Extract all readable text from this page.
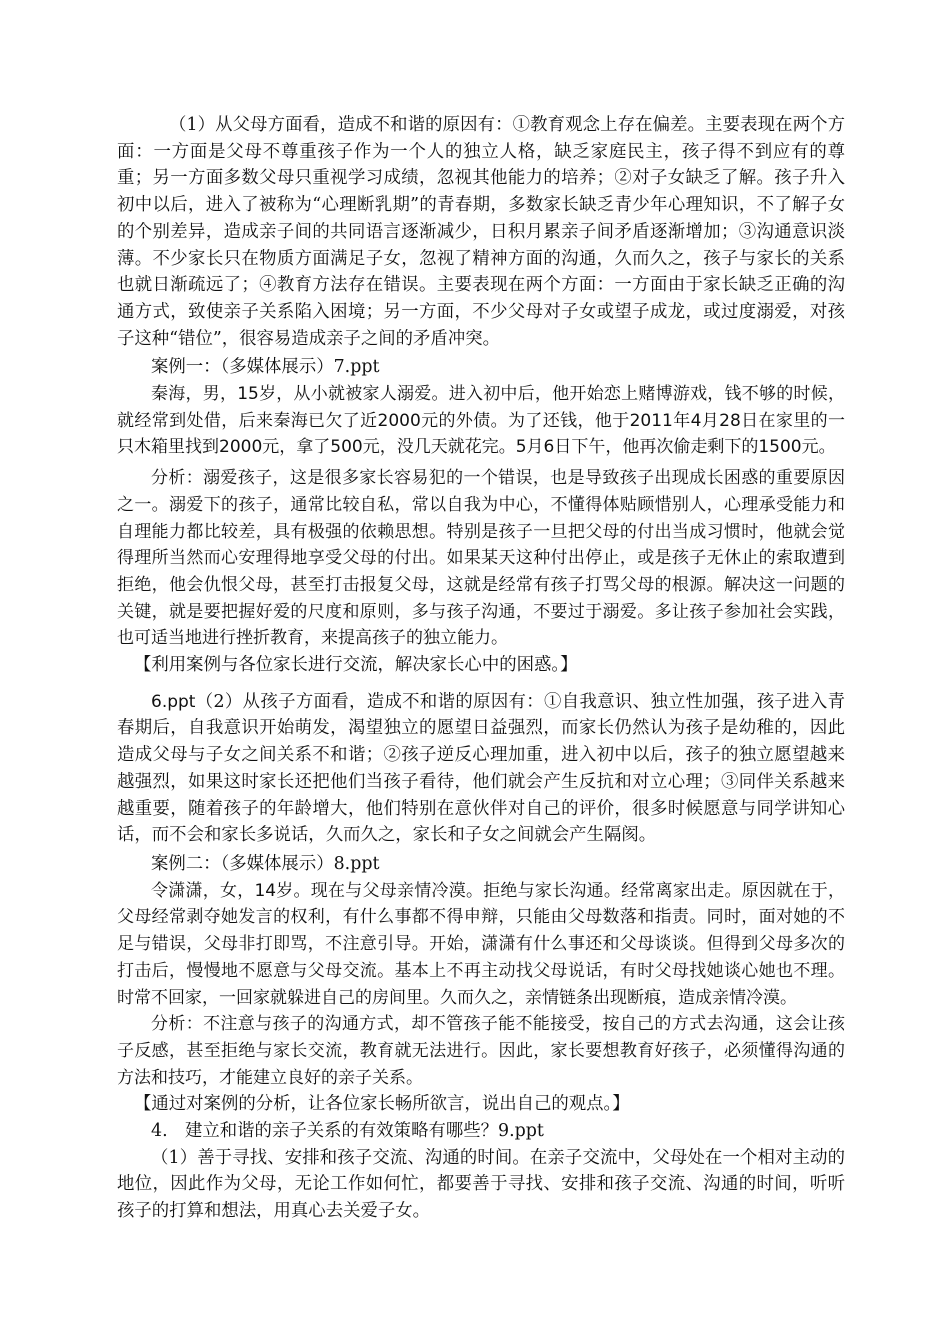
（1）从父母方面看，造成不和谐的原因有：①教育观念上存在偏差。主要表现在两个方面：一方面是父母不尊重孩子作为一个人的独立人格，缺乏家庭民主，孩子得不到应有的尊重；另一方面多数父母只重视学习成绩，忽视其他能力的培养；②对子女缺乏了解。孩子升入初中以后，进入了被称为“心理断乳期”的青春期，多数家长缺乏青少年心理知识，不了解子女的个别差异，造成亲子间的共同语言逐渐减少，日积月累亲子间矛盾逐渐增加；③沟通意识淡薄。不少家长只在物质方面满足子女，忽视了精神方面的沟通，久而久之，孩子与家长的关系也就日渐疏远了；④教育方法存在错误。主要表现在两个方面：一方面由于家长缺乏正确的沟通方式，致使亲子关系陷入困境；另一方面，不少父母对子女或望子成龙，或过度溺爱，对孩子这种“错位”，很容易造成亲子之间的矛盾冲突。

案例一：（多媒体展示）7.ppt

秦海，男，15岁，从小就被家人溺爱。进入初中后，他开始恋上赌博游戏，钱不够的时候，就经常到处借，后来秦海已欠了近2000元的外债。为了还钱，他于2011年4月28日在家里的一只木箱里找到2000元，拿了500元，没几天就花完。5月6日下午，他再次偷走剩下的1500元。

分析：溺爱孩子，这是很多家长容易犯的一个错误，也是导致孩子出现成长困惑的重要原因之一。溺爱下的孩子，通常比较自私，常以自我为中心，不懂得体贴顾惜别人，心理承受能力和自理能力都比较差，具有极强的依赖思想。特别是孩子一旦把父母的付出当成习惯时，他就会觉得理所当然而心安理得地享受父母的付出。如果某天这种付出停止，或是孩子无休止的索取遭到拒绝，他会仇恨父母，甚至打击报复父母，这就是经常有孩子打骂父母的根源。解决这一问题的关键，就是要把握好爱的尺度和原则，多与孩子沟通，不要过于溺爱。多让孩子参加社会实践，也可适当地进行挫折教育，来提高孩子的独立能力。

【利用案例与各位家长进行交流，解决家长心中的困惑。】

6.ppt（2）从孩子方面看，造成不和谐的原因有：①自我意识、独立性加强，孩子进入青春期后，自我意识开始萌发，渴望独立的愿望日益强烈，而家长仍然认为孩子是幼稚的，因此造成父母与子女之间关系不和谐；②孩子逆反心理加重，进入初中以后，孩子的独立愿望越来越强烈，如果这时家长还把他们当孩子看待，他们就会产生反抗和对立心理；③同伴关系越来越重要，随着孩子的年龄增大，他们特别在意伙伴对自己的评价，很多时候愿意与同学讲知心话，而不会和家长多说话，久而久之，家长和子女之间就会产生隔阂。

案例二：（多媒体展示）8.ppt

令潇潇，女，14岁。现在与父母亲情冷漠。拒绝与家长沟通。经常离家出走。原因就在于，父母经常剥夺她发言的权利，有什么事都不得申辩，只能由父母数落和指责。同时，面对她的不足与错误，父母非打即骂，不注意引导。开始，潇潇有什么事还和父母谈谈。但得到父母多次的打击后，慢慢地不愿意与父母交流。基本上不再主动找父母说话，有时父母找她谈心她也不理。时常不回家，一回家就躲进自己的房间里。久而久之，亲情链条出现断痕，造成亲情冷漠。

分析：不注意与孩子的沟通方式，却不管孩子能不能接受，按自己的方式去沟通，这会让孩子反感，甚至拒绝与家长交流，教育就无法进行。因此，家长要想教育好孩子，必须懂得沟通的方法和技巧，才能建立良好的亲子关系。

【通过对案例的分析，让各位家长畅所欲言，说出自己的观点。】

4.　建立和谐的亲子关系的有效策略有哪些？9.ppt

（1）善于寻找、安排和孩子交流、沟通的时间。在亲子交流中，父母处在一个相对主动的地位，因此作为父母，无论工作如何忙，都要善于寻找、安排和孩子交流、沟通的时间，听听孩子的打算和想法，用真心去关爱子女。
